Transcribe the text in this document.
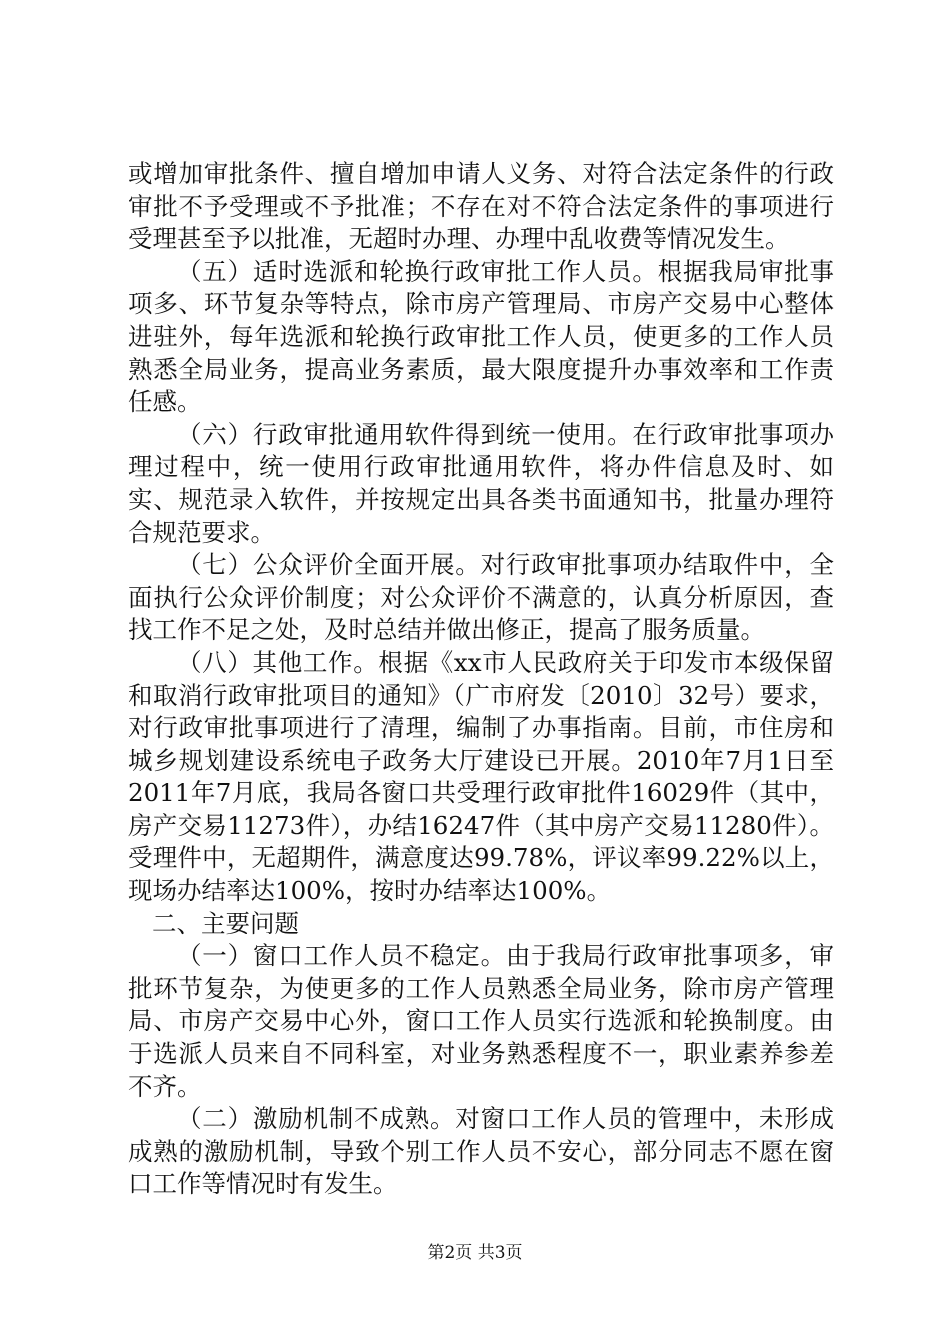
或增加审批条件、擅自增加申请人义务、对符合法定条件的行政审批不予受理或不予批准；不存在对不符合法定条件的事项进行受理甚至予以批准，无超时办理、办理中乱收费等情况发生。

（五）适时选派和轮换行政审批工作人员。根据我局审批事项多、环节复杂等特点，除市房产管理局、市房产交易中心整体进驻外，每年选派和轮换行政审批工作人员，使更多的工作人员熟悉全局业务，提高业务素质，最大限度提升办事效率和工作责任感。

（六）行政审批通用软件得到统一使用。在行政审批事项办理过程中，统一使用行政审批通用软件，将办件信息及时、如实、规范录入软件，并按规定出具各类书面通知书，批量办理符合规范要求。

（七）公众评价全面开展。对行政审批事项办结取件中，全面执行公众评价制度；对公众评价不满意的，认真分析原因，查找工作不足之处，及时总结并做出修正，提高了服务质量。

（八）其他工作。根据《xx市人民政府关于印发市本级保留和取消行政审批项目的通知》（广市府发〔2010〕32号）要求，对行政审批事项进行了清理，编制了办事指南。目前，市住房和城乡规划建设系统电子政务大厅建设已开展。2010年7月1日至2011年7月底，我局各窗口共受理行政审批件16029件（其中，房产交易11273件），办结16247件（其中房产交易11280件）。受理件中，无超期件，满意度达99.78%，评议率99.22%以上，现场办结率达100%，按时办结率达100%。

二、主要问题

（一）窗口工作人员不稳定。由于我局行政审批事项多，审批环节复杂，为使更多的工作人员熟悉全局业务，除市房产管理局、市房产交易中心外，窗口工作人员实行选派和轮换制度。由于选派人员来自不同科室，对业务熟悉程度不一，职业素养参差不齐。

（二）激励机制不成熟。对窗口工作人员的管理中，未形成成熟的激励机制，导致个别工作人员不安心，部分同志不愿在窗口工作等情况时有发生。

第2页 共3页
